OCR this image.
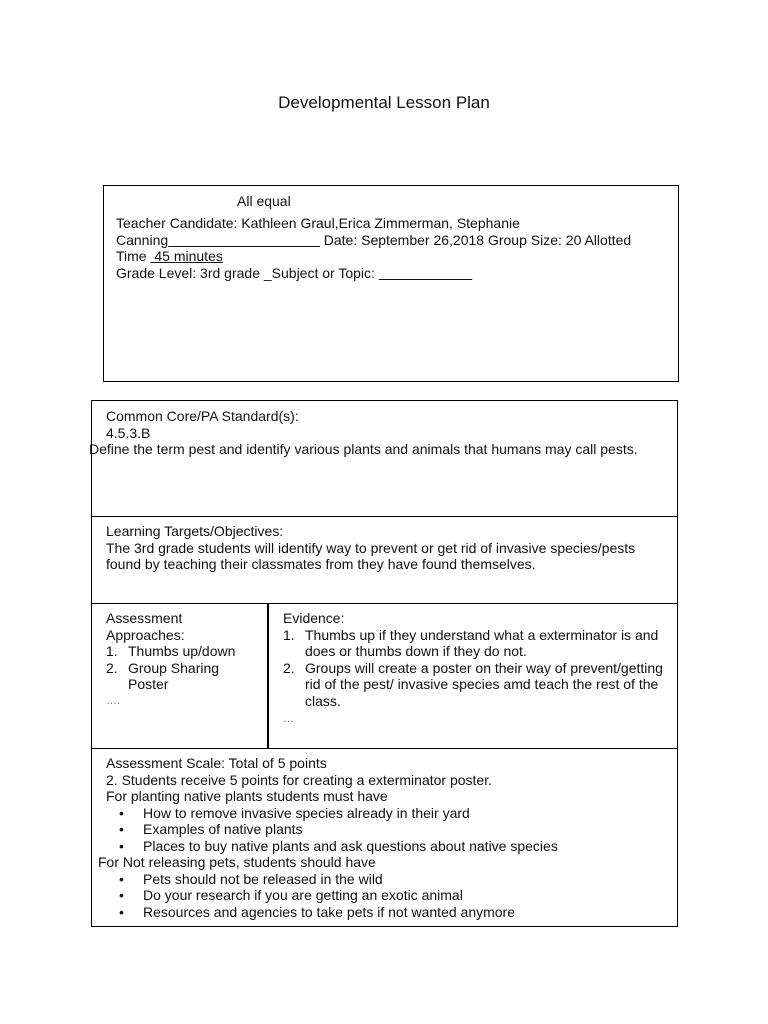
Developmental Lesson Plan
All equal
Teacher Candidate: Kathleen Graul,Erica Zimmerman, Stephanie
Canning	Date: September 26,2018 Group Size: 20 Allotted
Time  45 minutes
Grade Level: 3rd grade _Subject or Topic:
Common Core/PA Standard(s):
4.5.3.B
Define the term pest and identify various plants and animals that humans may call pests.
Learning Targets/Objectives:
The 3rd grade students will identify way to prevent or get rid of invasive species/pests found by teaching their classmates from they have found themselves.
Assessment
Approaches:
1. Thumbs up/down
2. Group Sharing Poster
….
Evidence:
1. Thumbs up if they understand what a exterminator is and does or thumbs down if they do not.
2. Groups will create a poster on their way of prevent/getting rid of the pest/ invasive species amd teach the rest of the class.
…
Assessment Scale: Total of 5 points
2. Students receive 5 points for creating a exterminator poster.
For planting native plants students must have
• How to remove invasive species already in their yard
• Examples of native plants
• Places to buy native plants and ask questions about native species
For Not releasing pets, students should have
• Pets should not be released in the wild
• Do your research if you are getting an exotic animal
• Resources and agencies to take pets if not wanted anymore
